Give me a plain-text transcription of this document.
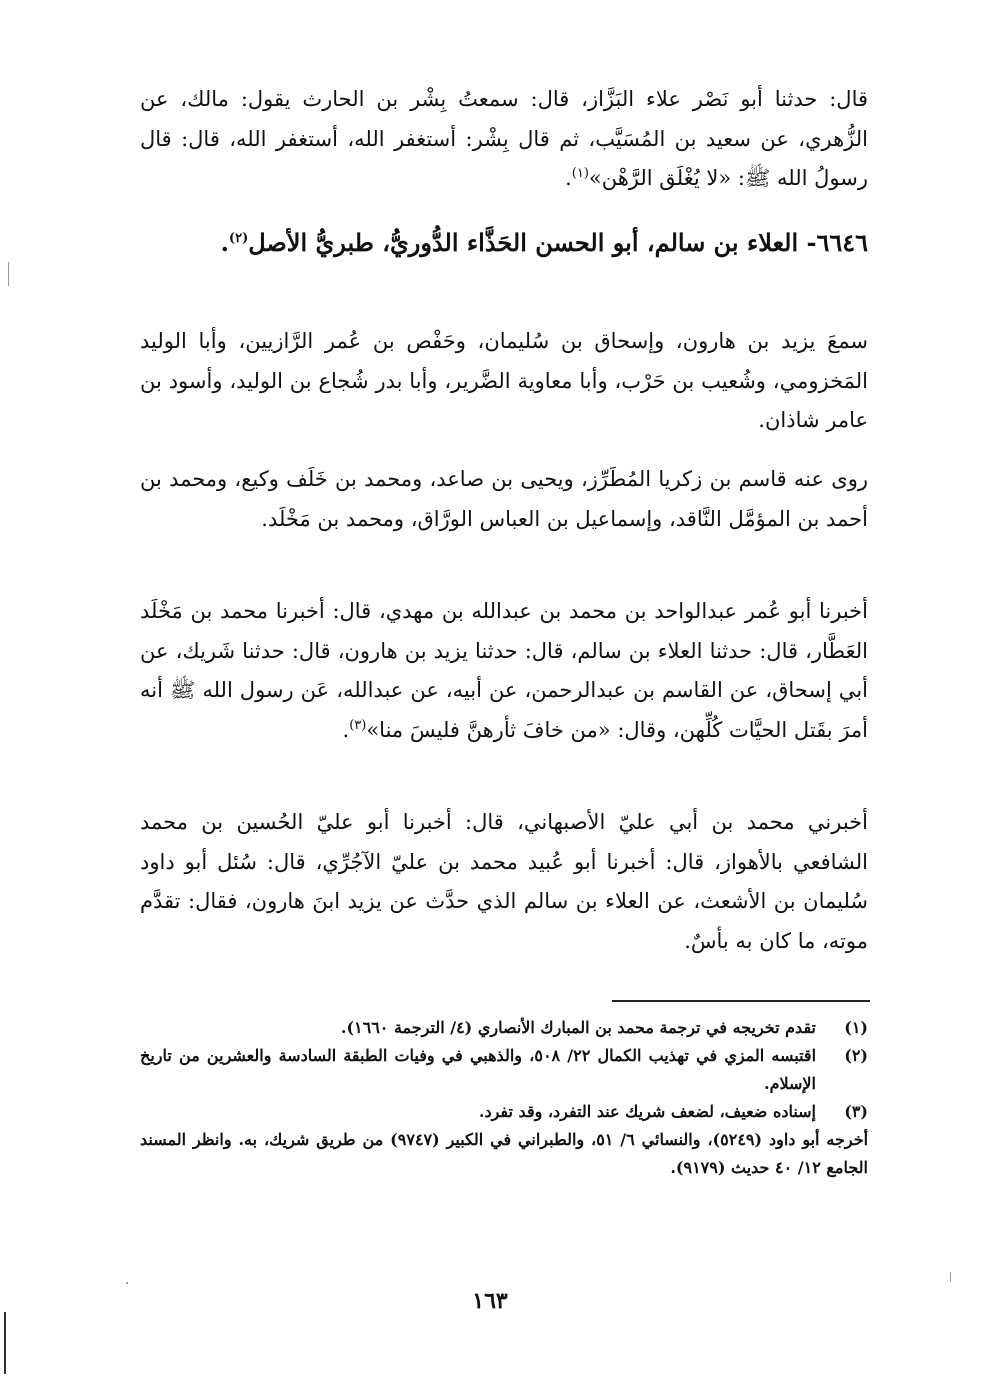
قال: حدثنا أبو نَصْر علاء البَزَّاز، قال: سمعتُ بِشْر بن الحارث يقول: مالك، عن الزُّهري، عن سعيد بن المُسَيَّب، ثم قال بِشْر: أستغفر الله، أستغفر الله، قال: قال رسولُ الله ﷺ: «لا يُغْلَق الرَّهْن»$^{(١)}$.

٦٦٤٦- العلاء بن سالم، أبو الحسن الحَذَّاء الدُّوريُّ، طبريُّ الأصل$^{(٢)}$.

سمعَ يزيد بن هارون، وإسحاق بن سُليمان، وحَفْص بن عُمر الرَّازيين، وأبا الوليد المَخزومي، وشُعيب بن حَرْب، وأبا معاوية الضَّرير، وأبا بدر شُجاع بن الوليد، وأسود بن عامر شاذان.

روى عنه قاسم بن زكريا المُطَرِّز، ويحيى بن صاعد، ومحمد بن خَلَف وكيع، ومحمد بن أحمد بن المؤمَّل النَّاقد، وإسماعيل بن العباس الورَّاق، ومحمد بن مَخْلَد.

أخبرنا أبو عُمر عبدالواحد بن محمد بن عبدالله بن مهدي، قال: أخبرنا محمد بن مَخْلَد العَطَّار، قال: حدثنا العلاء بن سالم، قال: حدثنا يزيد بن هارون، قال: حدثنا شَريك، عن أبي إسحاق، عن القاسم بن عبدالرحمن، عن أبيه، عن عبدالله، عَن رسول الله ﷺ أنه أمرَ بقَتل الحيَّات كُلِّهن، وقال: «من خافَ ثأرهنَّ فليسَ منا»$^{(٣)}$.

أخبرني محمد بن أبي عليّ الأصبهاني، قال: أخبرنا أبو عليّ الحُسين بن محمد الشافعي بالأهواز، قال: أخبرنا أبو عُبيد محمد بن عليّ الآجُرِّي، قال: سُئل أبو داود سُليمان بن الأشعث، عن العلاء بن سالم الذي حدَّث عن يزيد ابنَ هارون، فقال: تقدَّم موته، ما كان به بأسٌ.

(١)
تقدم تخريجه في ترجمة محمد بن المبارك الأنصاري (٤/ الترجمة ١٦٦٠).
(٢)
اقتبسه المزي في تهذيب الكمال ٢٢/ ٥٠٨، والذهبي في وفيات الطبقة السادسة والعشرين من تاريخ الإسلام.
(٣)
إسناده ضعيف، لضعف شريك عند التفرد، وقد تفرد.
أخرجه أبو داود (٥٢٤٩)، والنسائي ٦/ ٥١، والطبراني في الكبير (٩٧٤٧) من طريق شريك، به. وانظر المسند الجامع ١٢/ ٤٠ حديث (٩١٧٩).
١٦٣
